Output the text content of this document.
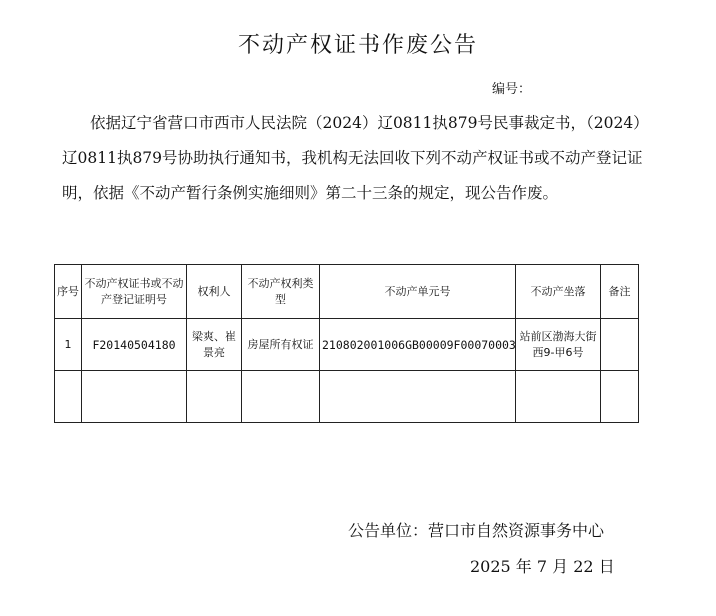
不动产权证书作废公告
编号：
依据辽宁省营口市西市人民法院（2024）辽0811执879号民事裁定书，（2024）辽0811执879号协助执行通知书，我机构无法回收下列不动产权证书或不动产登记证明，依据《不动产暂行条例实施细则》第二十三条的规定，现公告作废。
序号	不动产权证书或不动产登记证明号	权利人	不动产权利类型	不动产单元号	不动产坐落	备注
1	F20140504180	梁爽、崔景亮	房屋所有权证	210802001006GB00009F00070003	站前区渤海大街西9-甲6号	

公告单位：营口市自然资源事务中心
2025 年 7 月 22 日
